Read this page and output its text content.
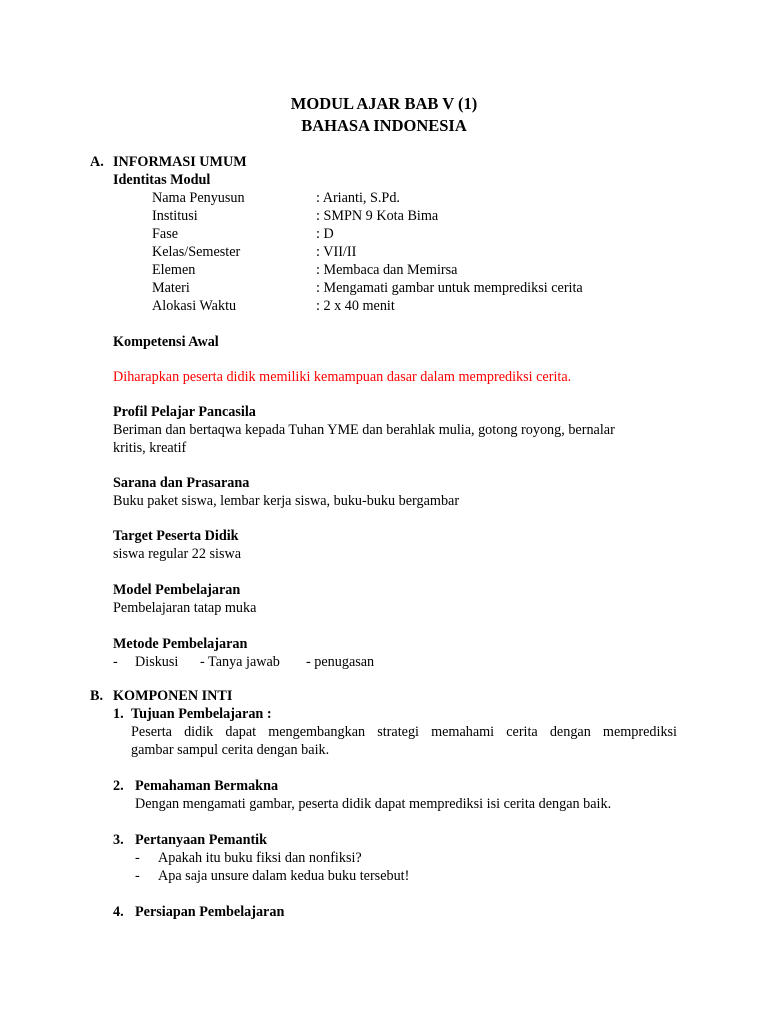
MODUL AJAR BAB V (1)
BAHASA INDONESIA
A. INFORMASI UMUM
Identitas Modul
Nama Penyusun	: Arianti, S.Pd.
Institusi	: SMPN 9 Kota Bima
Fase	: D
Kelas/Semester	: VII/II
Elemen	: Membaca dan Memirsa
Materi	: Mengamati gambar untuk memprediksi cerita
Alokasi Waktu	: 2 x 40 menit
Kompetensi Awal
Diharapkan peserta didik memiliki kemampuan dasar dalam memprediksi cerita.
Profil Pelajar Pancasila
Beriman dan bertaqwa kepada Tuhan YME dan berahlak mulia, gotong royong, bernalar
kritis, kreatif
Sarana dan Prasarana
Buku paket siswa, lembar kerja siswa, buku-buku bergambar
Target Peserta Didik
siswa regular 22 siswa
Model Pembelajaran
Pembelajaran tatap muka
Metode Pembelajaran
- Diskusi - Tanya jawab - penugasan
B. KOMPONEN INTI
1. Tujuan Pembelajaran :
Peserta didik dapat mengembangkan strategi memahami cerita dengan memprediksi
gambar sampul cerita dengan baik.
2. Pemahaman Bermakna
Dengan mengamati gambar, peserta didik dapat memprediksi isi cerita dengan baik.
3. Pertanyaan Pemantik
- Apakah itu buku fiksi dan nonfiksi?
- Apa saja unsure dalam kedua buku tersebut!
4. Persiapan Pembelajaran
